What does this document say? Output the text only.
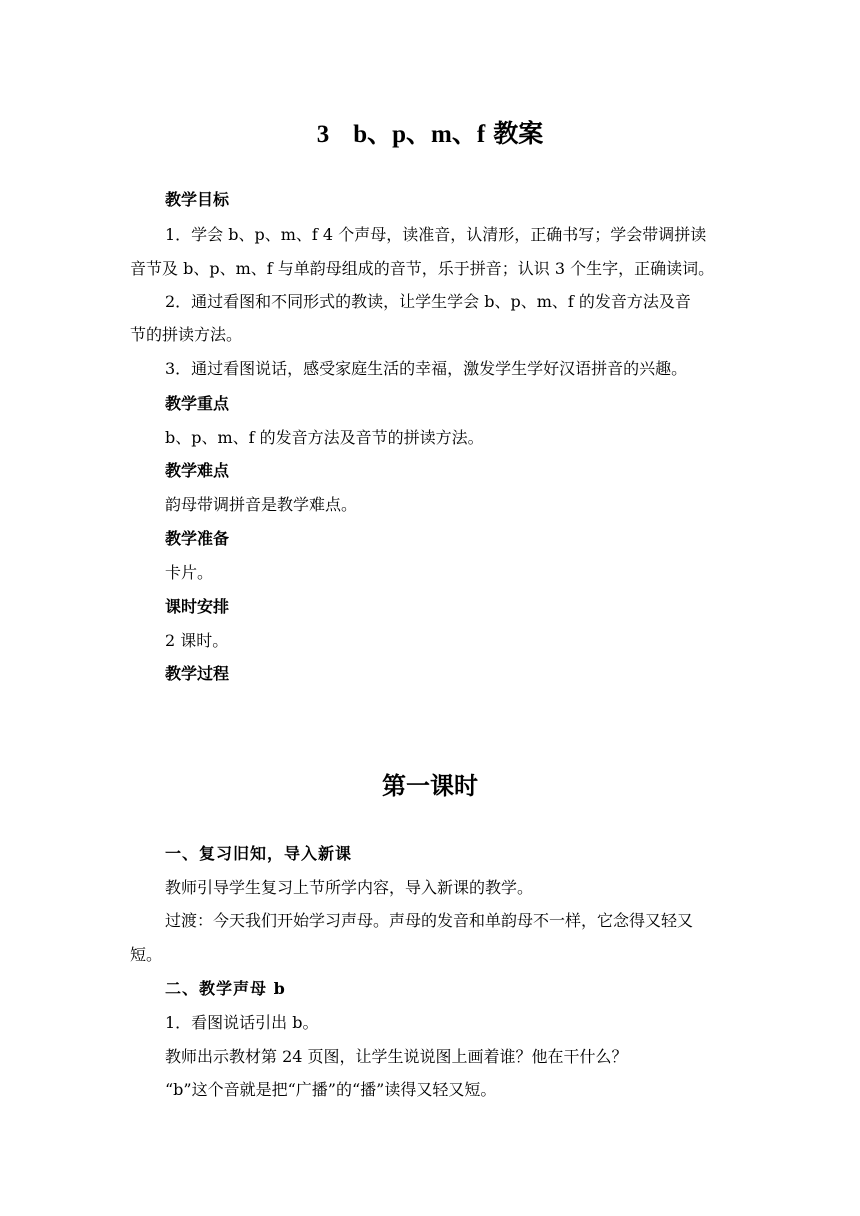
3 b、p、m、f 教案
教学目标
1．学会 b、p、m、f 4 个声母，读准音，认清形，正确书写；学会带调拼读
音节及 b、p、m、f 与单韵母组成的音节，乐于拼音；认识 3 个生字，正确读词。
2．通过看图和不同形式的教读，让学生学会 b、p、m、f 的发音方法及音
节的拼读方法。
3．通过看图说话，感受家庭生活的幸福，激发学生学好汉语拼音的兴趣。
教学重点
b、p、m、f 的发音方法及音节的拼读方法。
教学难点
韵母带调拼音是教学难点。
教学准备
卡片。
课时安排
2 课时。
教学过程
第一课时
一、复习旧知，导入新课
教师引导学生复习上节所学内容，导入新课的教学。
过渡：今天我们开始学习声母。声母的发音和单韵母不一样，它念得又轻又
短。
二、教学声母 b
1．看图说话引出 b。
教师出示教材第 24 页图，让学生说说图上画着谁？他在干什么？
“b”这个音就是把“广播”的“播”读得又轻又短。
